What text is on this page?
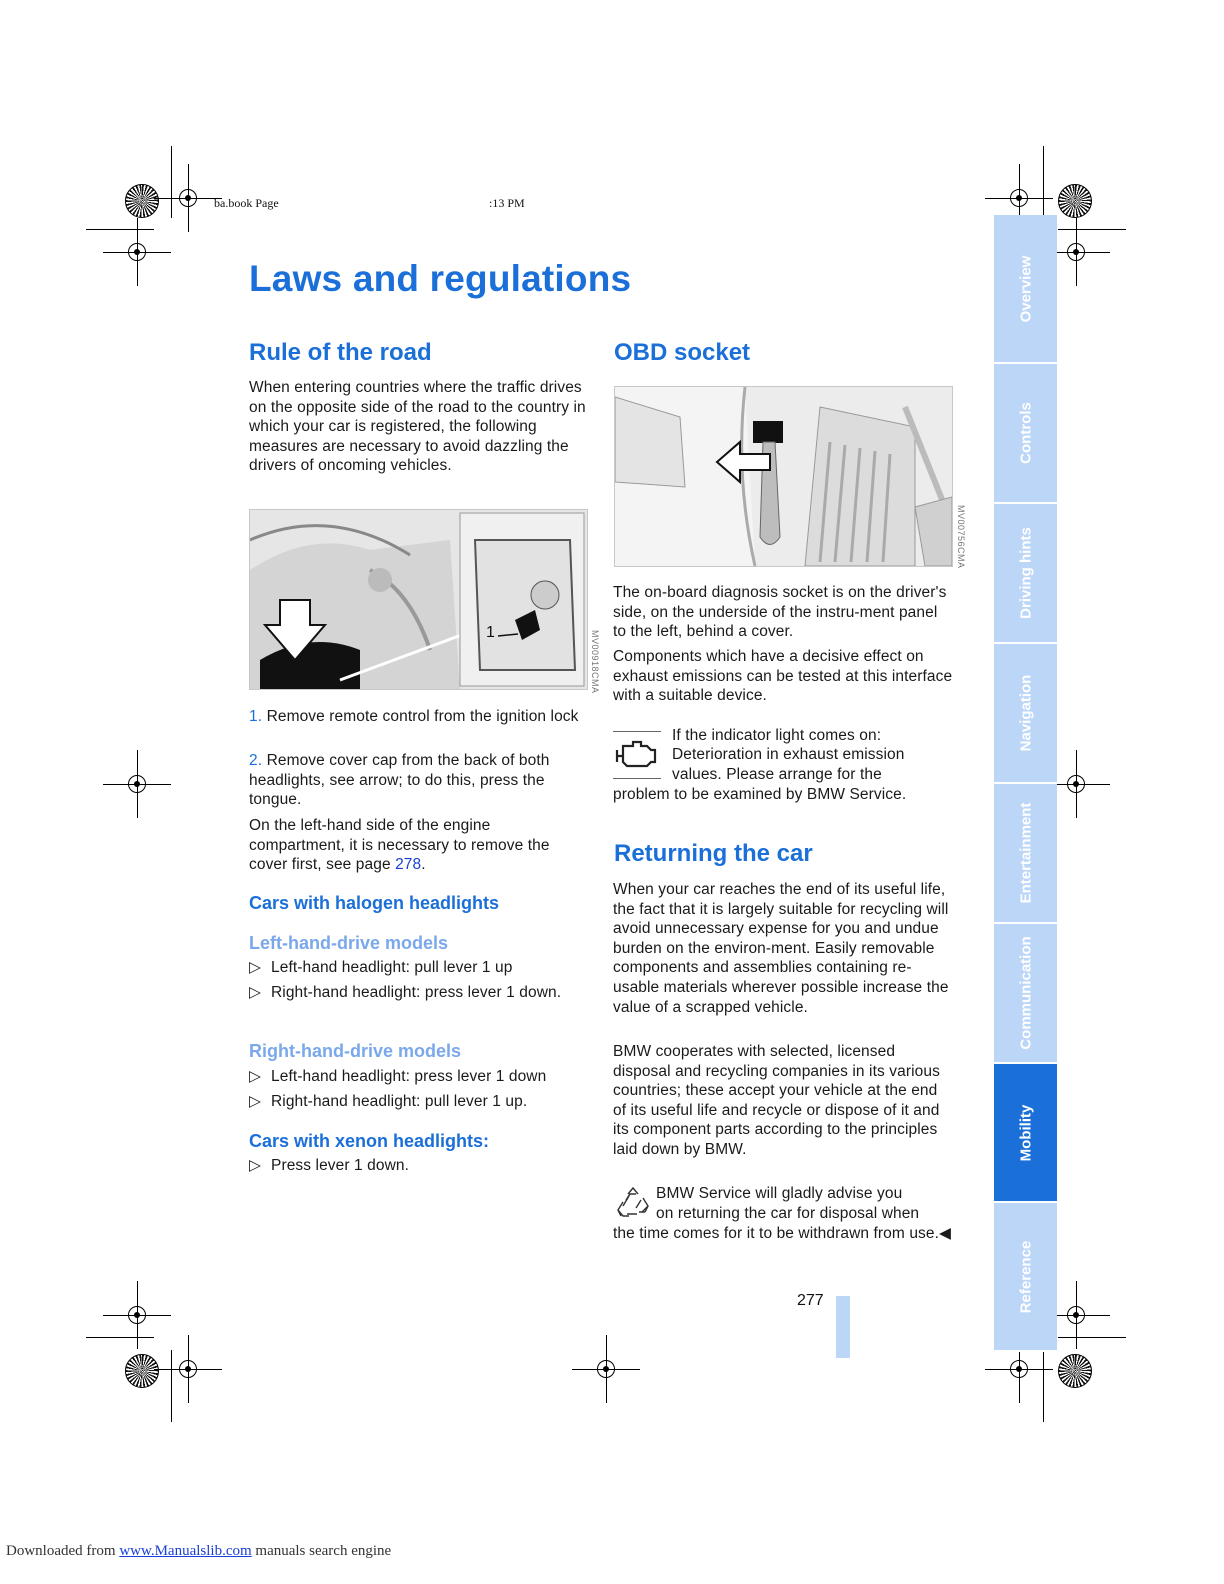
ba.book Page	:13 PM
Laws and regulations
Rule of the road

When entering countries where the traffic drives on the opposite side of the road to the country in which your car is registered, the following measures are necessary to avoid dazzling the drivers of oncoming vehicles.

1	MV00918CMA

1. Remove remote control from the ignition lock

2. Remove cover cap from the back of both headlights, see arrow; to do this, press the tongue.

On the left-hand side of the engine compartment, it is necessary to remove the cover first, see page 278.

Cars with halogen headlights
Left-hand-drive models

▷ Left-hand headlight: pull lever 1 up

▷ Right-hand headlight: press lever 1 down.

Right-hand-drive models

▷ Left-hand headlight: press lever 1 down

▷ Right-hand headlight: pull lever 1 up.

Cars with xenon headlights:

▷ Press lever 1 down.

OBD socket
MV00756CMA

The on-board diagnosis socket is on the driver's side, on the underside of the instru-ment panel to the left, behind a cover.

Components which have a decisive effect on exhaust emissions can be tested at this interface with a suitable device.

If the indicator light comes on:

Deterioration in exhaust emission

values. Please arrange for the

problem to be examined by BMW Service.

Returning the car

When your car reaches the end of its useful life, the fact that it is largely suitable for recycling will avoid unnecessary expense for you and undue burden on the environ-ment. Easily removable components and assemblies containing re-usable materials wherever possible increase the value of a scrapped vehicle.

BMW cooperates with selected, licensed disposal and recycling companies in its various countries; these accept your vehicle at the end of its useful life and recycle or dispose of it and its component parts according to the principles laid down by BMW.

BMW Service will gladly advise you

on returning the car for disposal when

the time comes for it to be withdrawn from use.◀

277
Overview
Controls
Driving hints
Navigation
Entertainment
Communication
Mobility
Reference
Downloaded from www.Manualslib.com manuals search engine
